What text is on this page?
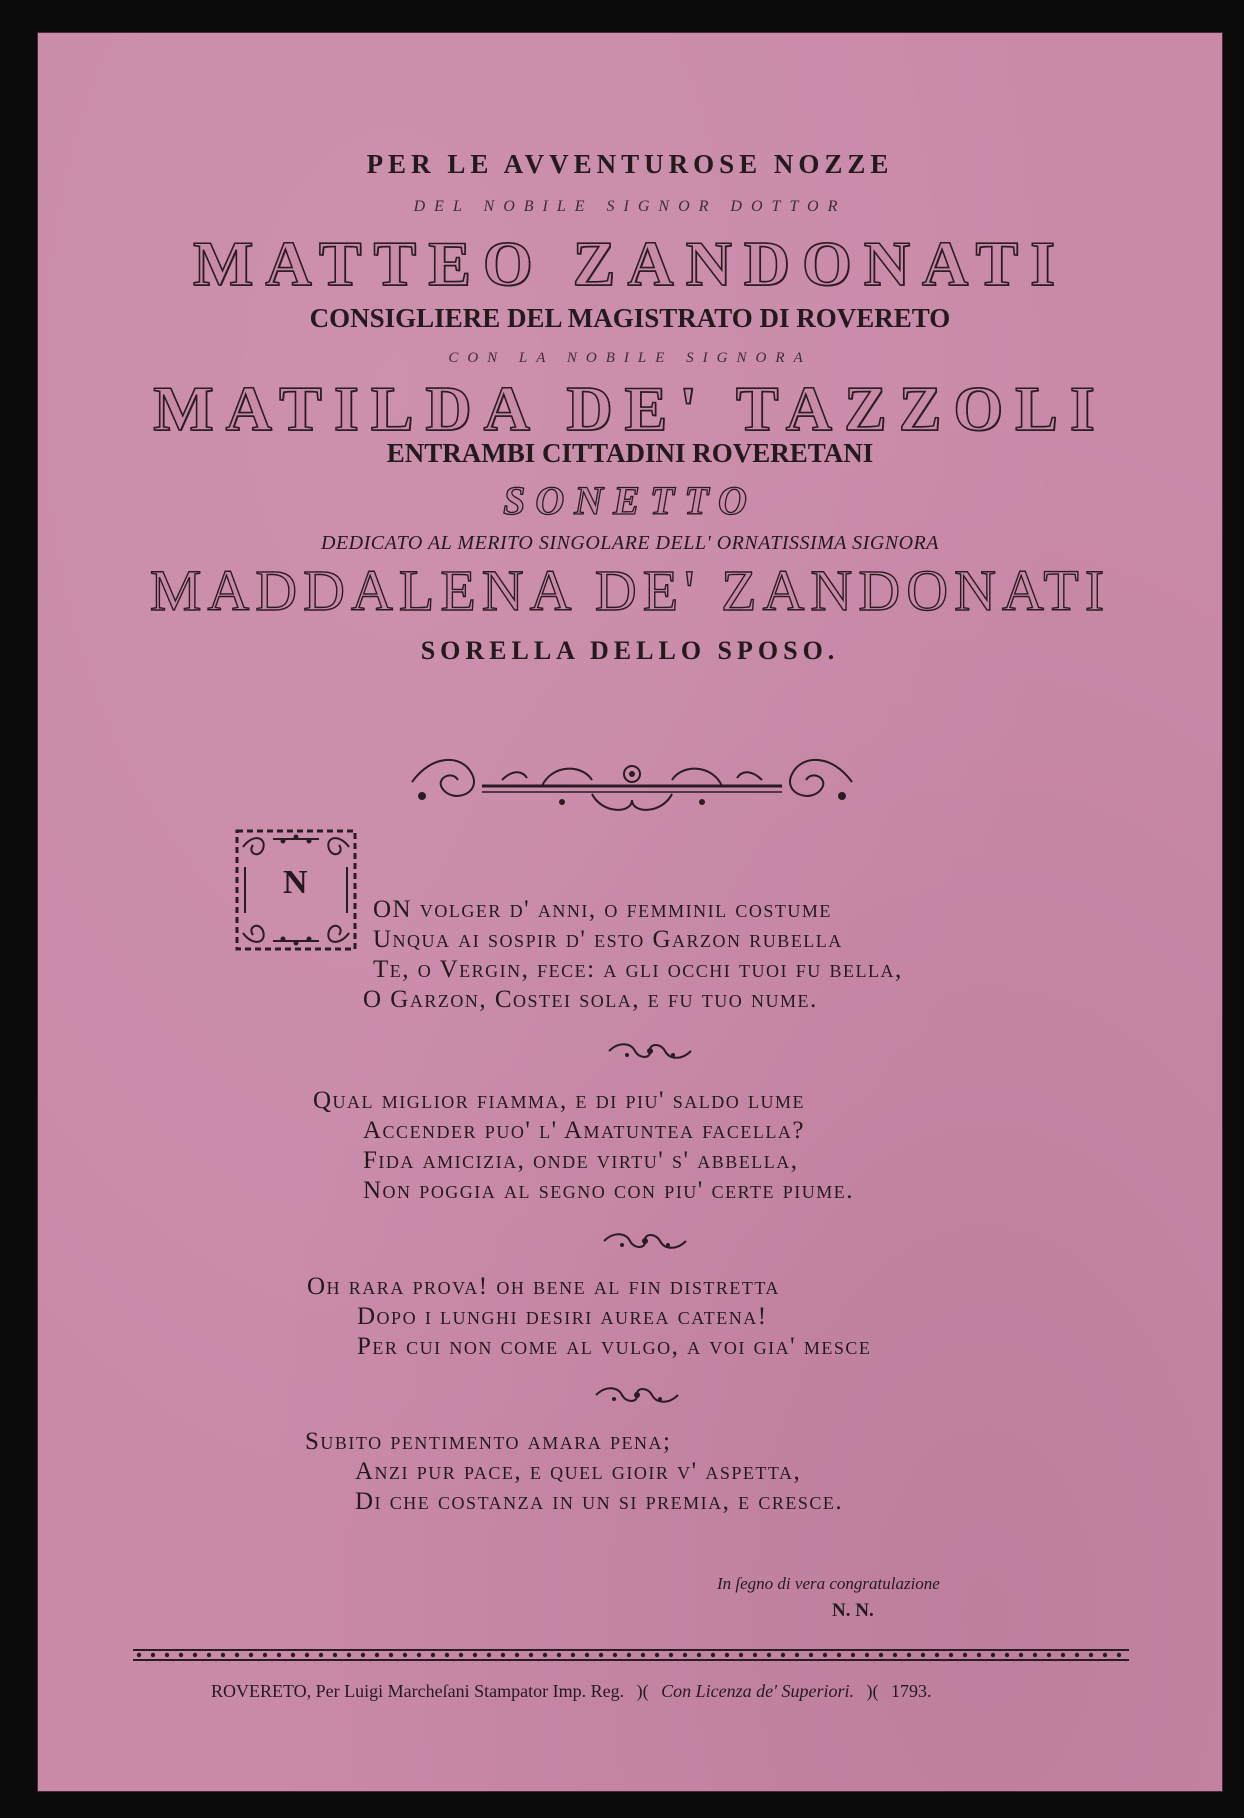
PER LE AVVENTUROSE NOZZE
DEL NOBILE SIGNOR DOTTOR
MATTEO ZANDONATI
CONSIGLIERE DEL MAGISTRATO DI ROVERETO
CON LA NOBILE SIGNORA
MATILDA DE' TAZZOLI
ENTRAMBI CITTADINI ROVERETANI
SONETTO
DEDICATO AL MERITO SINGOLARE DELL' ORNATISSIMA SIGNORA
MADDALENA DE' ZANDONATI
SORELLA DELLO SPOSO.
N
ON volger d' anni, o femminil costume
Unqua ai sospir d' esto Garzon rubella
Te, o Vergin, fece: a gli occhi tuoi fu bella,
O Garzon, Costei sola, e fu tuo nume.
Qual miglior fiamma, e di piu' saldo lume
Accender puo' l' Amatuntea facella?
Fida amicizia, onde virtu' s' abbella,
Non poggia al segno con piu' certe piume.
Oh rara prova! oh bene al fin distretta
Dopo i lunghi desiri aurea catena!
Per cui non come al vulgo, a voi gia' mesce
Subito pentimento amara pena;
Anzi pur pace, e quel gioir v' aspetta,
Di che costanza in un si premia, e cresce.
In ſegno di vera congratulazione
N. N.
ROVERETO, Per Luigi Marcheſani Stampator Imp. Reg. )( Con Licenza de' Superiori. )( 1793.
